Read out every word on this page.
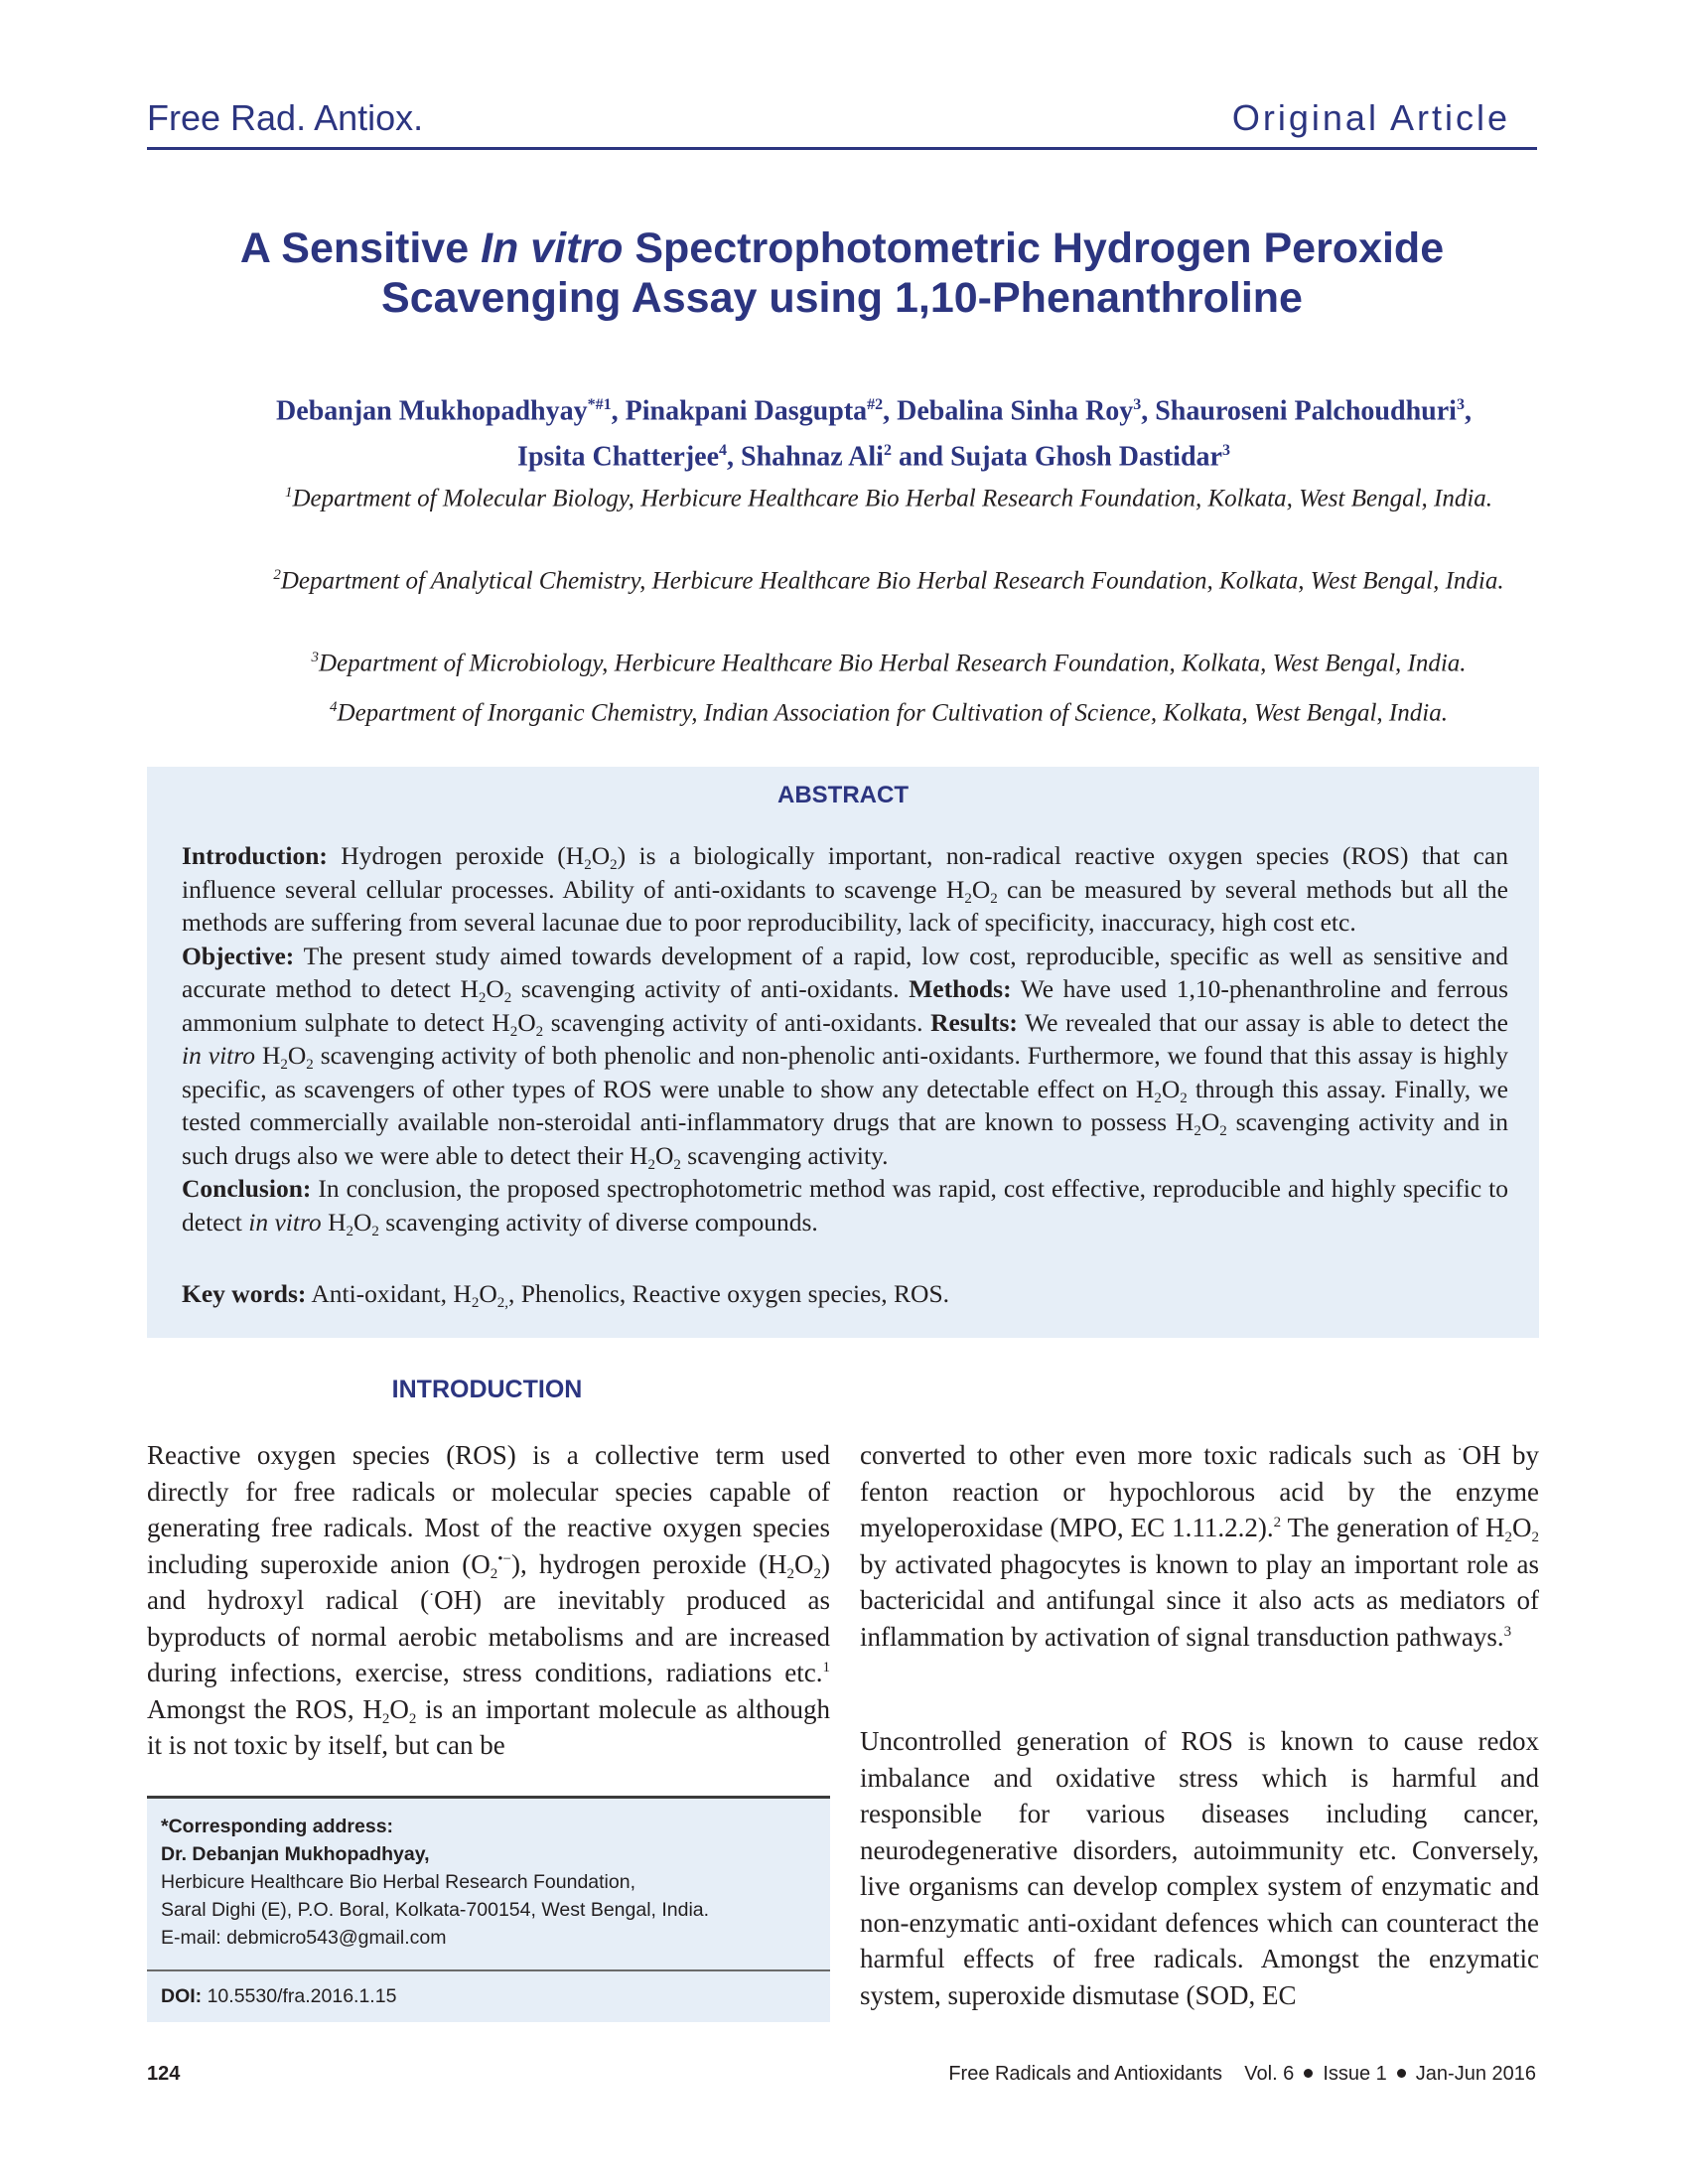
Free Rad. Antiox.	Original Article
A Sensitive In vitro Spectrophotometric Hydrogen Peroxide
Scavenging Assay using 1,10-Phenanthroline
Debanjan Mukhopadhyay$^{*\#1}$, Pinakpani Dasgupta$^{\#2}$, Debalina Sinha Roy$^3$, Shauroseni Palchoudhuri$^3$, Ipsita Chatterjee$^4$, Shahnaz Ali$^2$ and Sujata Ghosh Dastidar$^3$
$^1$Department of Molecular Biology, Herbicure Healthcare Bio Herbal Research Foundation, Kolkata, West Bengal, India.
$^2$Department of Analytical Chemistry, Herbicure Healthcare Bio Herbal Research Foundation, Kolkata, West Bengal, India.
$^3$Department of Microbiology, Herbicure Healthcare Bio Herbal Research Foundation, Kolkata, West Bengal, India.
$^4$Department of Inorganic Chemistry, Indian Association for Cultivation of Science, Kolkata, West Bengal, India.
ABSTRACT

Introduction: Hydrogen peroxide $(H_2O_2)$ is a biologically important, non-radical reactive oxygen species (ROS) that can influence several cellular processes. Ability of anti-oxidants to scavenge $H_2O_2$ can be measured by several methods but all the methods are suffering from several lacunae due to poor reproducibility, lack of specificity, inaccuracy, high cost etc.

Objective: The present study aimed towards development of a rapid, low cost, reproducible, specific as well as sensitive and accurate method to detect $H_2O_2$ scavenging activity of anti-oxidants. Methods: We have used 1,10-phenanthroline and ferrous ammonium sulphate to detect $H_2O_2$ scavenging activity of anti-oxidants. Results: We revealed that our assay is able to detect the in vitro $H_2O_2$ scavenging activity of both phenolic and non-phenolic anti-oxidants. Furthermore, we found that this assay is highly specific, as scavengers of other types of ROS were unable to show any detectable effect on $H_2O_2$ through this assay. Finally, we tested commercially available non-steroidal anti-inflammatory drugs that are known to possess $H_2O_2$ scavenging activity and in such drugs also we were able to detect their $H_2O_2$ scavenging activity.

Conclusion: In conclusion, the proposed spectrophotometric method was rapid, cost effective, reproducible and highly specific to detect in vitro $H_2O_2$ scavenging activity of diverse compounds.

Key words: Anti-oxidant, $H_2O_{2,}$, Phenolics, Reactive oxygen species, ROS.
INTRODUCTION

Reactive oxygen species (ROS) is a collective term used directly for free radicals or molecular species capable of generating free radicals. Most of the reactive oxygen species including superoxide anion $(O_2^{•-})$, hydrogen peroxide $(H_2O_2)$ and hydroxyl radical (·OH) are inevitably produced as byproducts of normal aerobic metabolisms and are increased during infections, exercise, stress conditions, radiations etc.$^1$ Amongst the ROS, $H_2O_2$ is an important molecule as although it is not toxic by itself, but can be

converted to other even more toxic radicals such as ·OH by fenton reaction or hypochlorous acid by the enzyme myeloperoxidase (MPO, EC 1.11.2.2).$^2$ The generation of $H_2O_2$ by activated phagocytes is known to play an important role as bactericidal and antifungal since it also acts as mediators of inflammation by activation of signal transduction pathways.$^3$

Uncontrolled generation of ROS is known to cause redox imbalance and oxidative stress which is harmful and responsible for various diseases including cancer, neurodegenerative disorders, autoimmunity etc. Conversely, live organisms can develop complex system of enzymatic and non-enzymatic anti-oxidant defences which can counteract the harmful effects of free radicals. Amongst the enzymatic system, superoxide dismutase (SOD, EC

*Corresponding address:
Dr. Debanjan Mukhopadhyay,
Herbicure Healthcare Bio Herbal Research Foundation,
Saral Dighi (E), P.O. Boral, Kolkata-700154, West Bengal, India.
E-mail: debmicro543@gmail.com
DOI: 10.5530/fra.2016.1.15
124	Free Radicals and Antioxidants Vol. 6 Issue 1 Jan-Jun 2016
